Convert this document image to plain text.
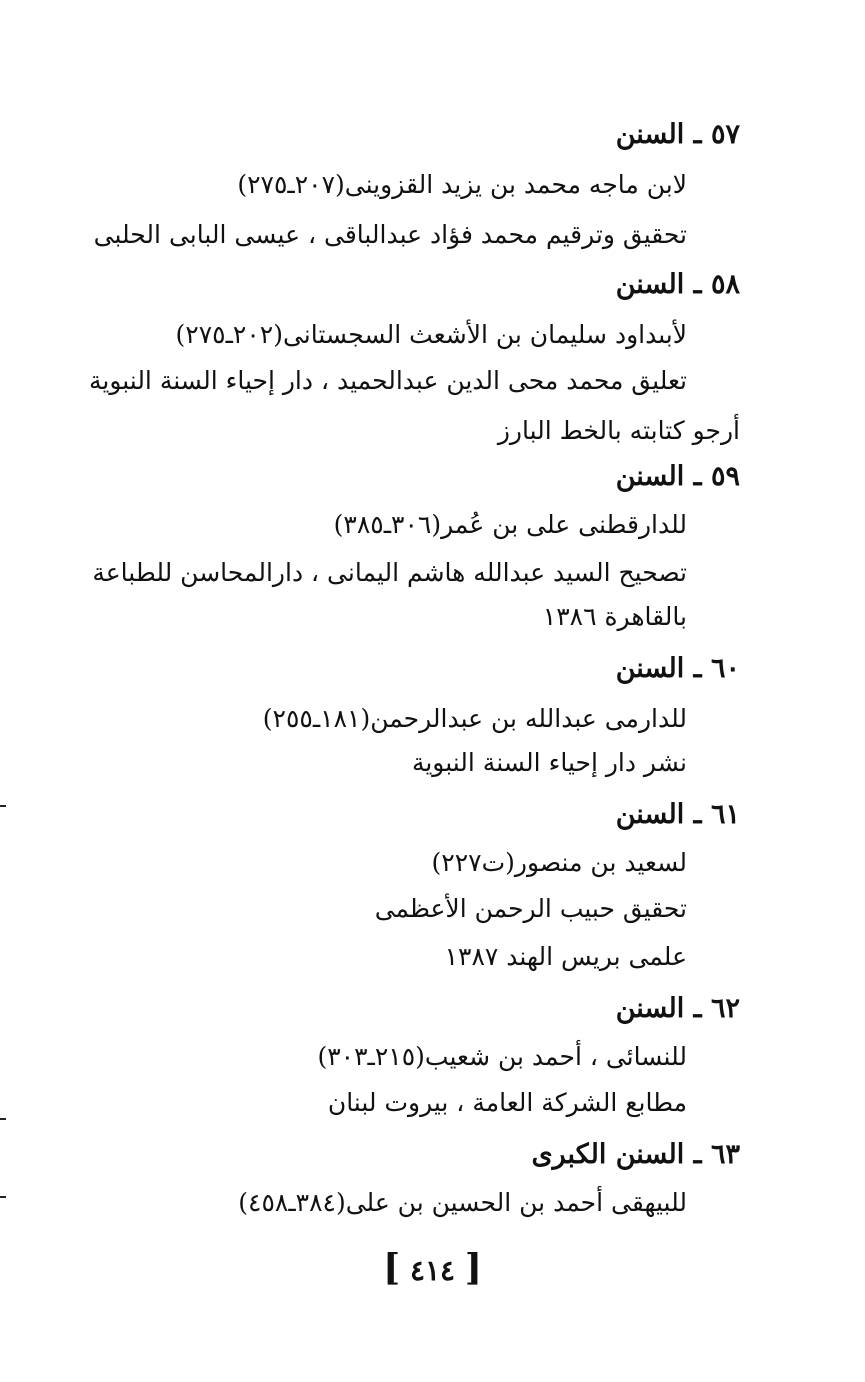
٥٧ ـ السنن

لابن ماجه محمد بن يزيد القزوينى(٢٠٧ـ٢٧٥)

تحقيق وترقيم محمد فؤاد عبدالباقى ، عيسى البابى الحلبى

٥٨ ـ السنن

لأبىداود سليمان بن الأشعث السجستانى(٢٠٢ـ٢٧٥)

تعليق محمد محى الدين عبدالحميد ، دار إحياء السنة النبوية

أرجو كتابته بالخط البارز

٥٩ ـ السنن

للدارقطنى على بن عُمر(٣٠٦ـ٣٨٥)

تصحيح السيد عبدالله هاشم اليمانى ، دارالمحاسن للطباعة

بالقاهرة ١٣٨٦

٦٠ ـ السنن

للدارمى عبدالله بن عبدالرحمن(١٨١ـ٢٥٥)

نشر دار إحياء السنة النبوية

٦١ ـ السنن

لسعيد بن منصور(ت٢٢٧)

تحقيق حبيب الرحمن الأعظمى

علمى بريس الهند ١٣٨٧

٦٢ ـ السنن

للنسائى ، أحمد بن شعيب(٢١٥ـ٣٠٣)

مطابع الشركة العامة ، بيروت لبنان

٦٣ ـ السنن الكبرى

للبيهقى أحمد بن الحسين بن على(٣٨٤ـ٤٥٨)

[ ٤١٤ ]
